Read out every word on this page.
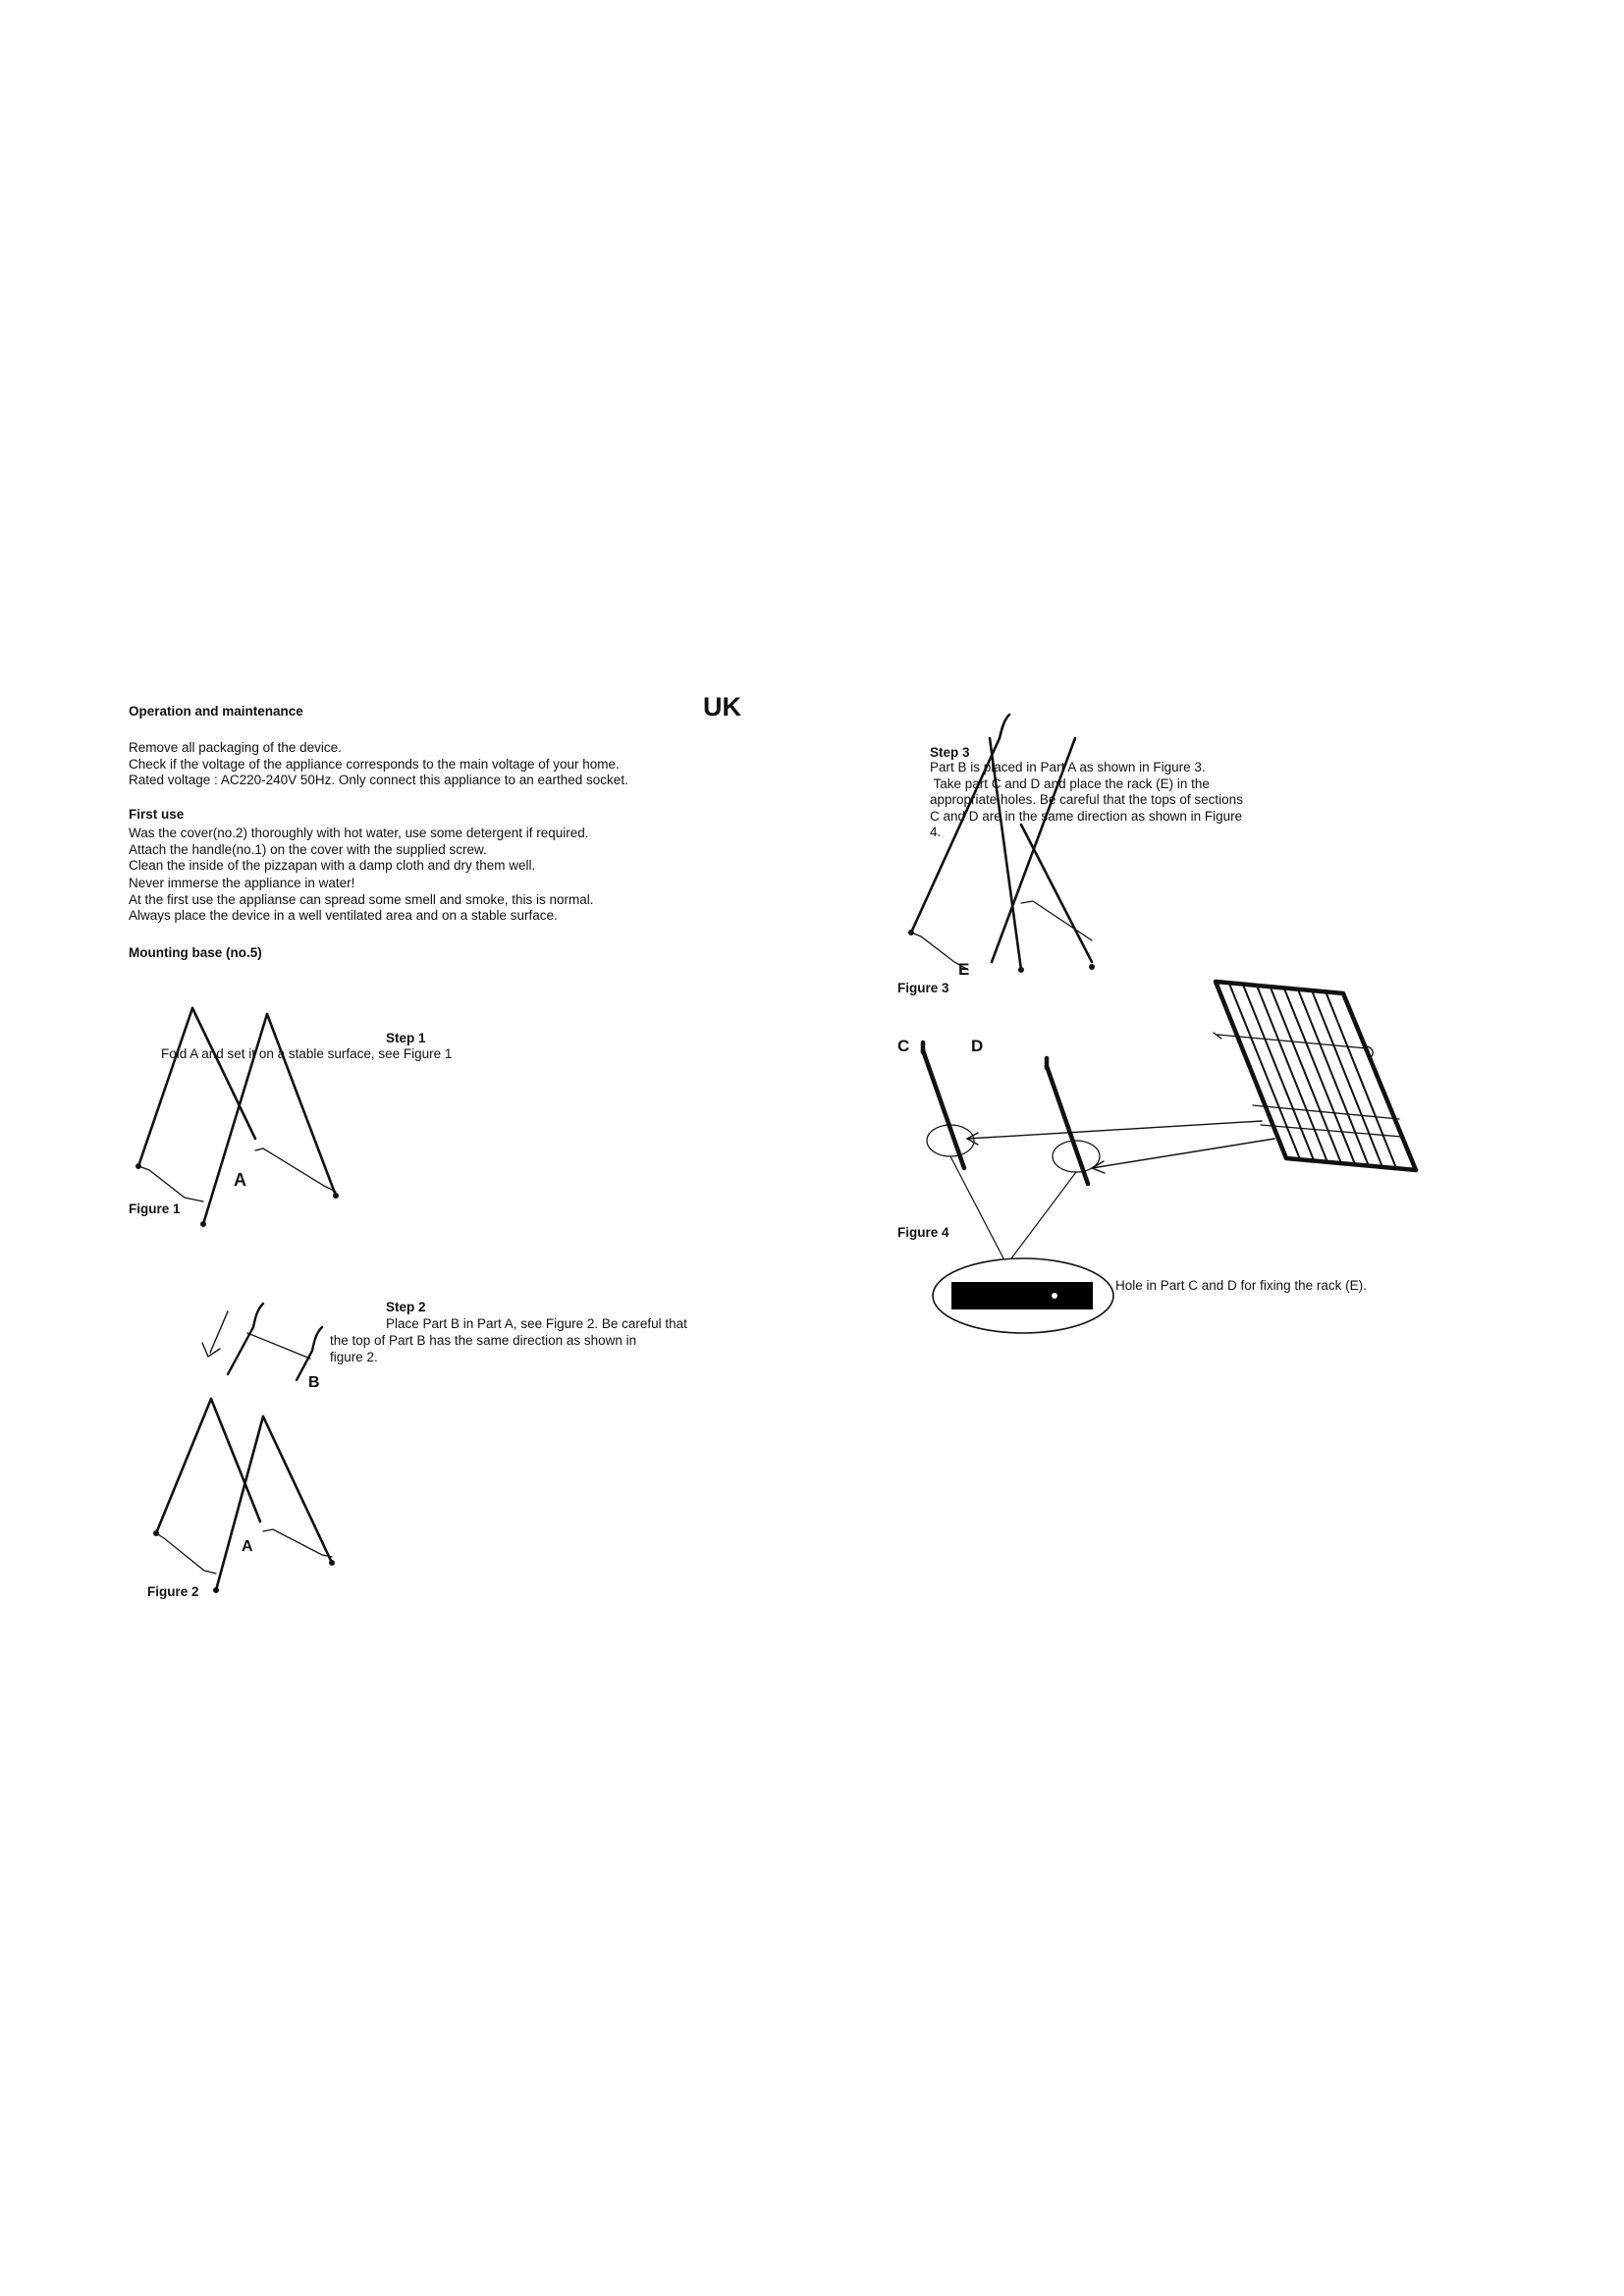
Operation and maintenance	UK
Remove all packaging of the device.
Check if the voltage of the appliance corresponds to the main voltage of your home.
Rated voltage : AC220-240V 50Hz. Only connect this appliance to an earthed socket.
First use
Was the cover(no.2) thoroughly with hot water, use some detergent if required.
Attach the handle(no.1) on the cover with the supplied screw.
Clean the inside of the pizzapan with a damp cloth and dry them well.
Never immerse the appliance in water!
At the first use the applianse can spread some smell and smoke, this is normal.
Always place the device in a well ventilated area and on a stable surface.
Mounting base (no.5)
Step 1
Fold A and set it on a stable surface, see Figure 1
Figure 1
A
Step 2
Place Part B in Part A, see Figure 2. Be careful that
the top of Part B has the same direction as shown in
figure 2.
Figure 2
A
B
Step 3
Part B is placed in Part A as shown in Figure 3.
Take part C and D and place the rack (E) in the
appropriate holes. Be careful that the tops of sections
C and D are in the same direction as shown in Figure
4.
Figure 3
E
C	D
Figure 4
Hole in Part C and D for fixing the rack (E).
